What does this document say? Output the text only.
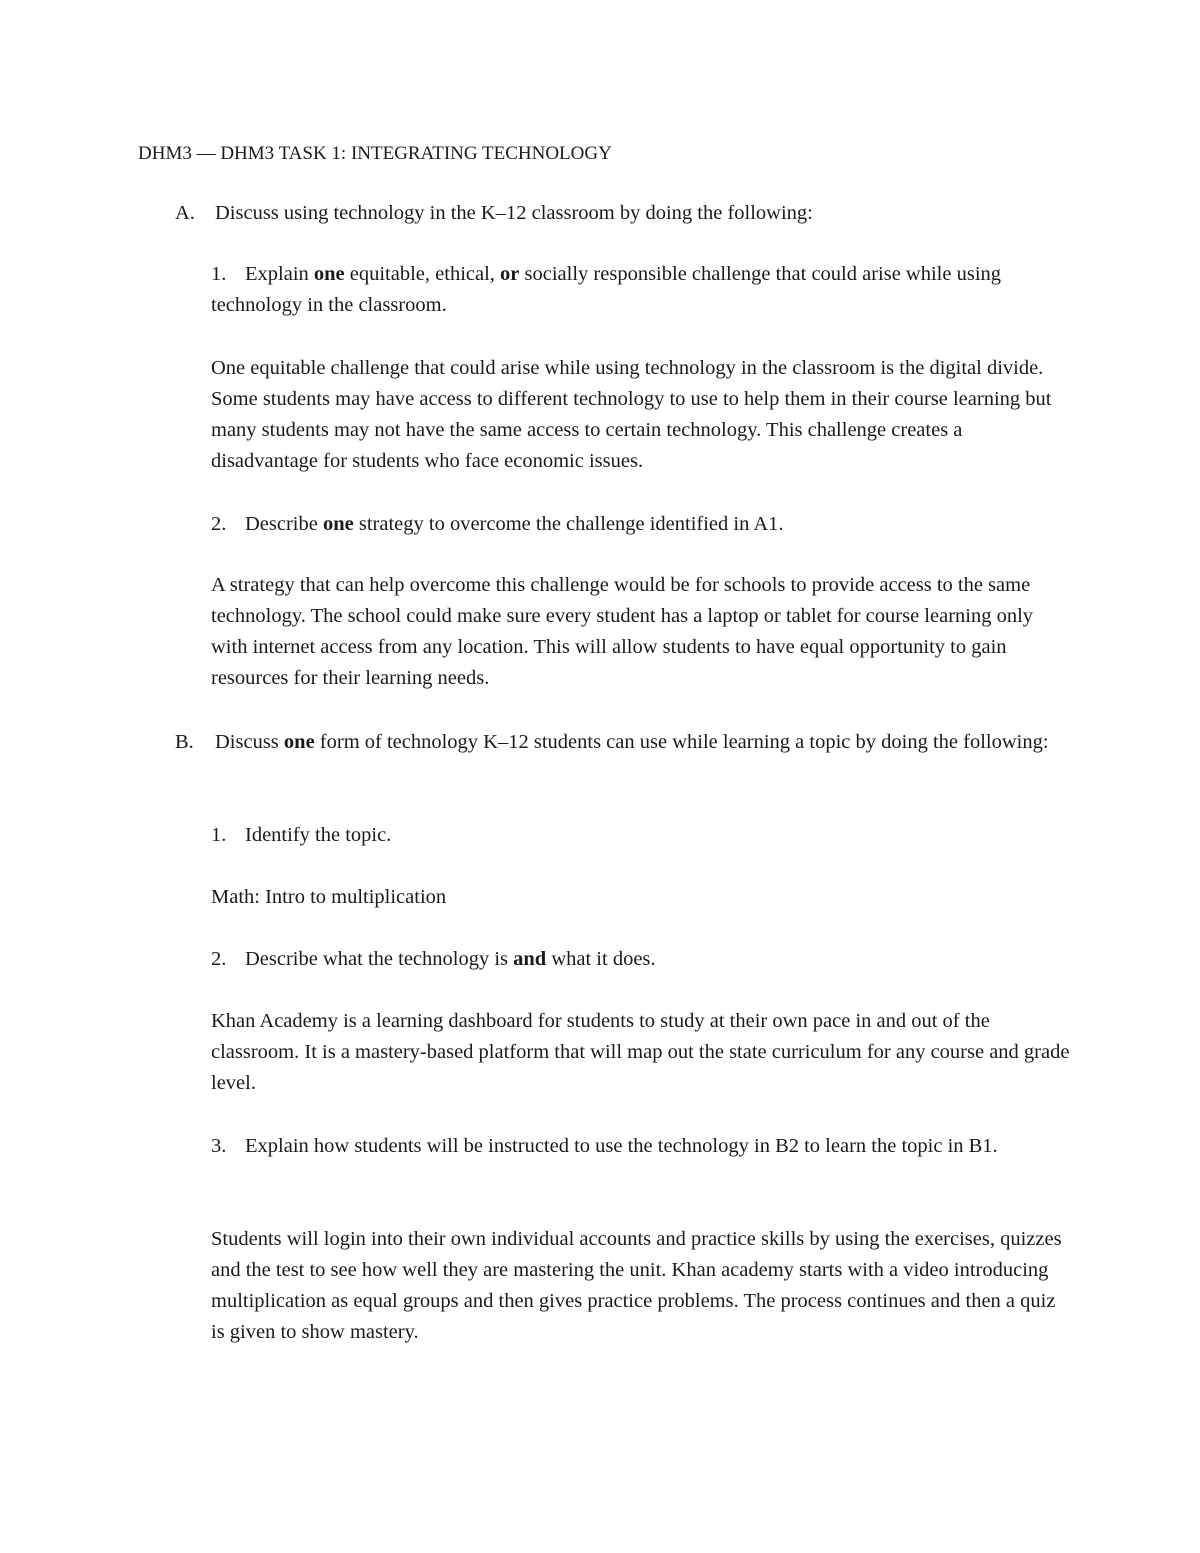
DHM3 — DHM3 TASK 1: INTEGRATING TECHNOLOGY
A. Discuss using technology in the K–12 classroom by doing the following:

1. Explain one equitable, ethical, or socially responsible challenge that could arise while using technology in the classroom.

One equitable challenge that could arise while using technology in the classroom is the digital divide. Some students may have access to different technology to use to help them in their course learning but many students may not have the same access to certain technology. This challenge creates a disadvantage for students who face economic issues.

2. Describe one strategy to overcome the challenge identified in A1.

A strategy that can help overcome this challenge would be for schools to provide access to the same technology. The school could make sure every student has a laptop or tablet for course learning only with internet access from any location. This will allow students to have equal opportunity to gain resources for their learning needs.

B. Discuss one form of technology K–12 students can use while learning a topic by doing the following:

1. Identify the topic.

Math: Intro to multiplication

2. Describe what the technology is and what it does.

Khan Academy is a learning dashboard for students to study at their own pace in and out of the classroom. It is a mastery-based platform that will map out the state curriculum for any course and grade level.

3. Explain how students will be instructed to use the technology in B2 to learn the topic in B1.

Students will login into their own individual accounts and practice skills by using the exercises, quizzes and the test to see how well they are mastering the unit. Khan academy starts with a video introducing multiplication as equal groups and then gives practice problems. The process continues and then a quiz is given to show mastery.
